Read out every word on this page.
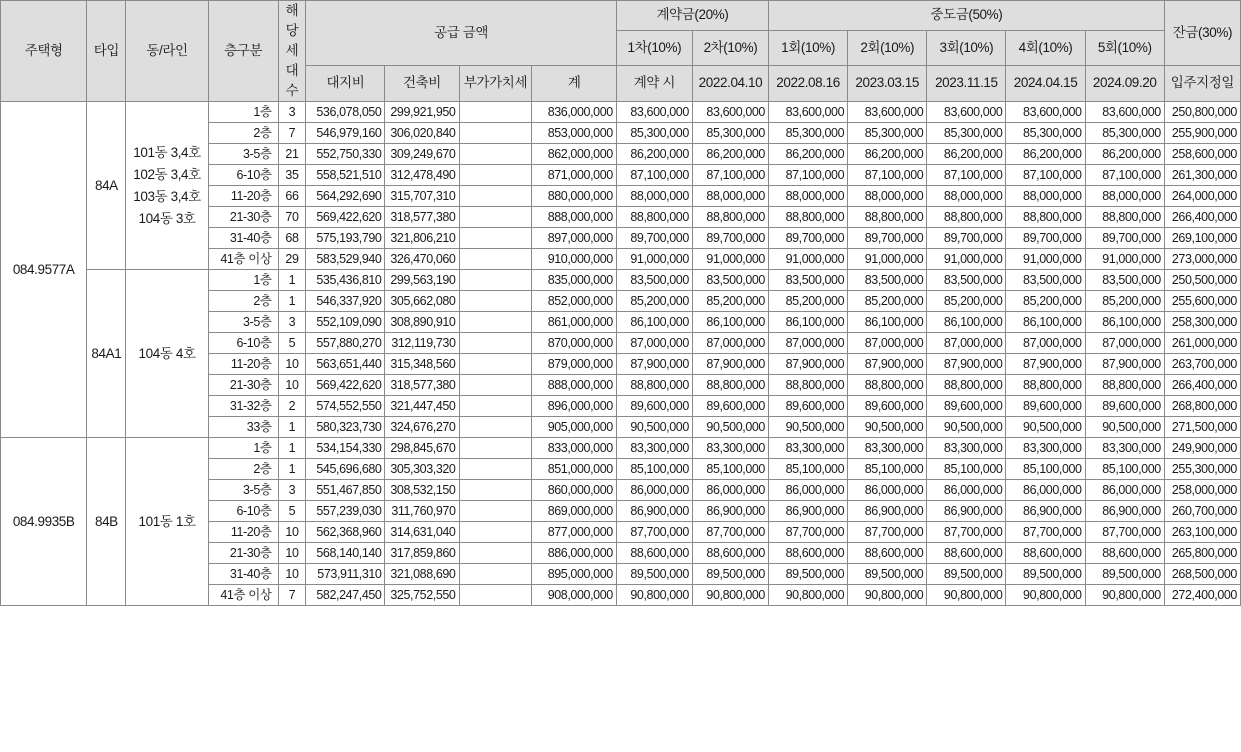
주택형	타입	동/라인	층구분	해당
세대
수	공급 금액				계약금(20%)		중도금(50%)					잔금(30%)
									1차(10%)	2차(10%)	1회(10%)	2회(10%)	3회(10%)	4회(10%)	5회(10%)	
					대지비	건축비	부가가치세	계	계약 시	2022.04.10	2022.08.16	2023.03.15	2023.11.15	2024.04.15	2024.09.20	입주지정일
084.9577A	84A	101동 3,4호
102동 3,4호
103동 3,4호
104동 3호	1층	3	536,078,050	299,921,950		836,000,000	83,600,000	83,600,000	83,600,000	83,600,000	83,600,000	83,600,000	83,600,000	250,800,000
			2층	7	546,979,160	306,020,840		853,000,000	85,300,000	85,300,000	85,300,000	85,300,000	85,300,000	85,300,000	85,300,000	255,900,000
			3-5층	21	552,750,330	309,249,670		862,000,000	86,200,000	86,200,000	86,200,000	86,200,000	86,200,000	86,200,000	86,200,000	258,600,000
			6-10층	35	558,521,510	312,478,490		871,000,000	87,100,000	87,100,000	87,100,000	87,100,000	87,100,000	87,100,000	87,100,000	261,300,000
			11-20층	66	564,292,690	315,707,310		880,000,000	88,000,000	88,000,000	88,000,000	88,000,000	88,000,000	88,000,000	88,000,000	264,000,000
			21-30층	70	569,422,620	318,577,380		888,000,000	88,800,000	88,800,000	88,800,000	88,800,000	88,800,000	88,800,000	88,800,000	266,400,000
			31-40층	68	575,193,790	321,806,210		897,000,000	89,700,000	89,700,000	89,700,000	89,700,000	89,700,000	89,700,000	89,700,000	269,100,000
			41층 이상	29	583,529,940	326,470,060		910,000,000	91,000,000	91,000,000	91,000,000	91,000,000	91,000,000	91,000,000	91,000,000	273,000,000
	84A1	104동 4호	1층	1	535,436,810	299,563,190		835,000,000	83,500,000	83,500,000	83,500,000	83,500,000	83,500,000	83,500,000	83,500,000	250,500,000
			2층	1	546,337,920	305,662,080		852,000,000	85,200,000	85,200,000	85,200,000	85,200,000	85,200,000	85,200,000	85,200,000	255,600,000
			3-5층	3	552,109,090	308,890,910		861,000,000	86,100,000	86,100,000	86,100,000	86,100,000	86,100,000	86,100,000	86,100,000	258,300,000
			6-10층	5	557,880,270	312,119,730		870,000,000	87,000,000	87,000,000	87,000,000	87,000,000	87,000,000	87,000,000	87,000,000	261,000,000
			11-20층	10	563,651,440	315,348,560		879,000,000	87,900,000	87,900,000	87,900,000	87,900,000	87,900,000	87,900,000	87,900,000	263,700,000
			21-30층	10	569,422,620	318,577,380		888,000,000	88,800,000	88,800,000	88,800,000	88,800,000	88,800,000	88,800,000	88,800,000	266,400,000
			31-32층	2	574,552,550	321,447,450		896,000,000	89,600,000	89,600,000	89,600,000	89,600,000	89,600,000	89,600,000	89,600,000	268,800,000
			33층	1	580,323,730	324,676,270		905,000,000	90,500,000	90,500,000	90,500,000	90,500,000	90,500,000	90,500,000	90,500,000	271,500,000
084.9935B	84B	101동 1호	1층	1	534,154,330	298,845,670		833,000,000	83,300,000	83,300,000	83,300,000	83,300,000	83,300,000	83,300,000	83,300,000	249,900,000
			2층	1	545,696,680	305,303,320		851,000,000	85,100,000	85,100,000	85,100,000	85,100,000	85,100,000	85,100,000	85,100,000	255,300,000
			3-5층	3	551,467,850	308,532,150		860,000,000	86,000,000	86,000,000	86,000,000	86,000,000	86,000,000	86,000,000	86,000,000	258,000,000
			6-10층	5	557,239,030	311,760,970		869,000,000	86,900,000	86,900,000	86,900,000	86,900,000	86,900,000	86,900,000	86,900,000	260,700,000
			11-20층	10	562,368,960	314,631,040		877,000,000	87,700,000	87,700,000	87,700,000	87,700,000	87,700,000	87,700,000	87,700,000	263,100,000
			21-30층	10	568,140,140	317,859,860		886,000,000	88,600,000	88,600,000	88,600,000	88,600,000	88,600,000	88,600,000	88,600,000	265,800,000
			31-40층	10	573,911,310	321,088,690		895,000,000	89,500,000	89,500,000	89,500,000	89,500,000	89,500,000	89,500,000	89,500,000	268,500,000
			41층 이상	7	582,247,450	325,752,550		908,000,000	90,800,000	90,800,000	90,800,000	90,800,000	90,800,000	90,800,000	90,800,000	272,400,000
